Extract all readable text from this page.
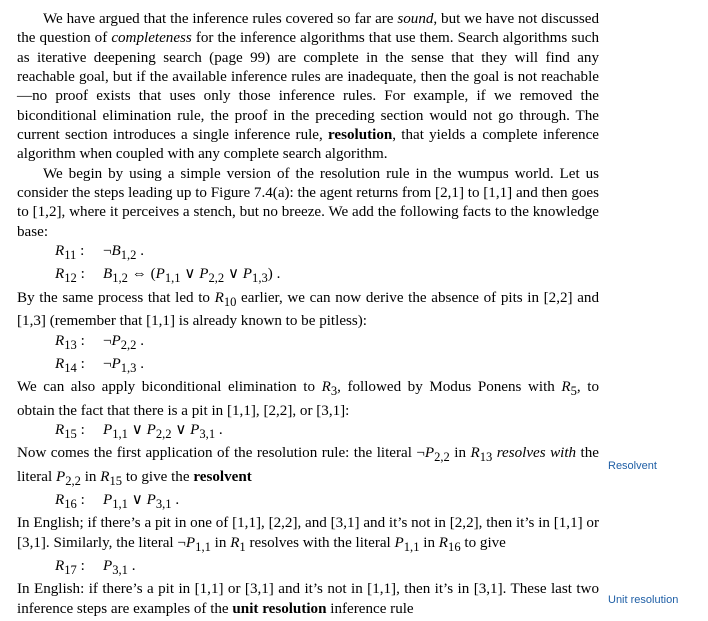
We have argued that the inference rules covered so far are sound, but we have not discussed the question of completeness for the inference algorithms that use them. Search algorithms such as iterative deepening search (page 99) are complete in the sense that they will find any reachable goal, but if the available inference rules are inadequate, then the goal is not reachable—no proof exists that uses only those inference rules. For example, if we removed the biconditional elimination rule, the proof in the preceding section would not go through. The current section introduces a single inference rule, resolution, that yields a complete inference algorithm when coupled with any complete search algorithm.

We begin by using a simple version of the resolution rule in the wumpus world. Let us consider the steps leading up to Figure 7.4(a): the agent returns from [2,1] to [1,1] and then goes to [1,2], where it perceives a stench, but no breeze. We add the following facts to the knowledge base:

$R_{11}$ $:\neg B_{1,2}$ .
$R_{12}$ $:B_{1,2}$ ⇔ ($P_{1,1}$ ∨ $P_{2,2}$ ∨ $P_{1,3}$) .

By the same process that led to $R_{10}$ earlier, we can now derive the absence of pits in [2,2] and [1,3] (remember that [1,1] is already known to be pitless):

$R_{13}$ $:\neg P_{2,2}$ .
$R_{14}$ $:\neg P_{1,3}$ .

We can also apply biconditional elimination to $R_3$, followed by Modus Ponens with $R_5$, to obtain the fact that there is a pit in [1,1], [2,2], or [3,1]:

$R_{15}$ $:P_{1,1}$ ∨ $P_{2,2}$ ∨ $P_{3,1}$ .

Now comes the first application of the resolution rule: the literal $\neg P_{2,2}$ in $R_{13}$ resolves with the literal $P_{2,2}$ in $R_{15}$ to give the resolvent

$R_{16}$ $:P_{1,1}$ ∨ $P_{3,1}$ .

In English; if there’s a pit in one of [1,1], [2,2], and [3,1] and it’s not in [2,2], then it’s in [1,1] or [3,1]. Similarly, the literal $\neg P_{1,1}$ in $R_1$ resolves with the literal $P_{1,1}$ in $R_{16}$ to give

$R_{17}$ $:P_{3,1}$ .

In English: if there’s a pit in [1,1] or [3,1] and it’s not in [1,1], then it’s in [3,1]. These last two inference steps are examples of the unit resolution inference rule

Resolvent
Unit resolution
